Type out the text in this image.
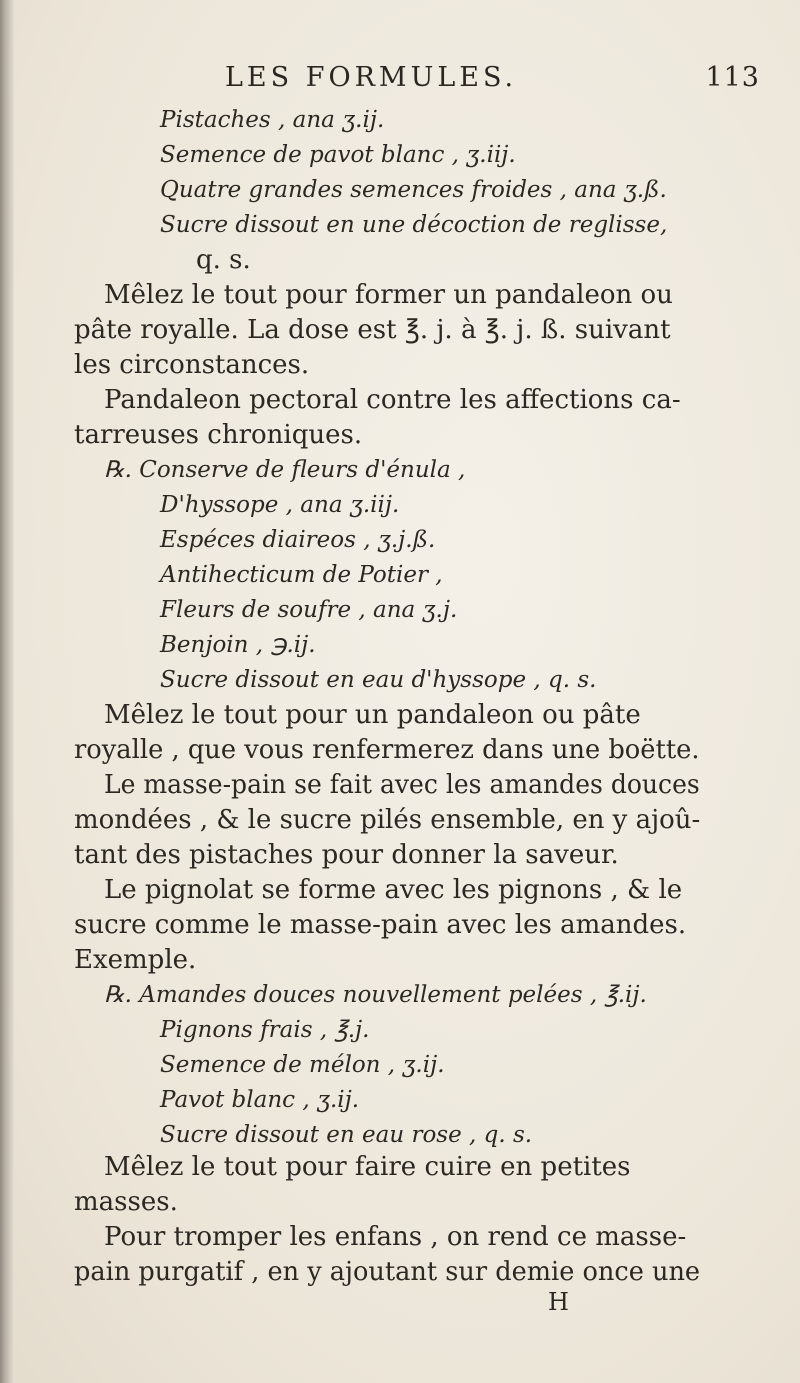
LES FORMULES.	113
Pistaches , ana ʒ.ij.
Semence de pavot blanc , ʒ.iij.
Quatre grandes semences froides , ana ʒ.ß.
Sucre dissout en une décoction de reglisse,
q. s.
Mêlez le tout pour former un pandaleon ou
pâte royalle. La dose est ℥. j. à ℥. j. ß. suivant
les circonstances.
Pandaleon pectoral contre les affections ca-
tarreuses chroniques.
℞. Conserve de fleurs d'énula ,
D'hyssope , ana ʒ.iij.
Espéces diaireos , ʒ.j.ß.
Antihecticum de Potier ,
Fleurs de soufre , ana ʒ.j.
Benjoin , ℈.ij.
Sucre dissout en eau d'hyssope , q. s.
Mêlez le tout pour un pandaleon ou pâte
royalle , que vous renfermerez dans une boëtte.
Le masse-pain se fait avec les amandes douces
mondées , & le sucre pilés ensemble, en y ajoû-
tant des pistaches pour donner la saveur.
Le pignolat se forme avec les pignons , & le
sucre comme le masse-pain avec les amandes.
Exemple.
℞. Amandes douces nouvellement pelées , ℥.ij.
Pignons frais , ℥.j.
Semence de mélon , ʒ.ij.
Pavot blanc , ʒ.ij.
Sucre dissout en eau rose , q. s.
Mêlez le tout pour faire cuire en petites
masses.
Pour tromper les enfans , on rend ce masse-
pain purgatif , en y ajoutant sur demie once une
H
